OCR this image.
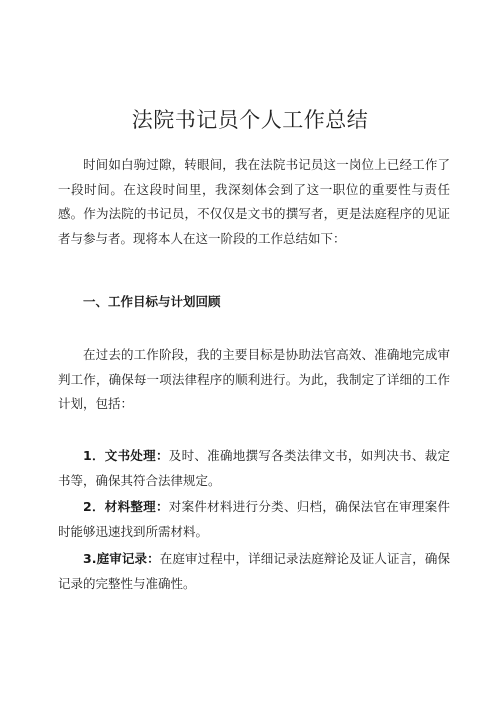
法院书记员个人工作总结
时间如白驹过隙，转眼间，我在法院书记员这一岗位上已经工作了一段时间。在这段时间里，我深刻体会到了这一职位的重要性与责任感。作为法院的书记员，不仅仅是文书的撰写者，更是法庭程序的见证者与参与者。现将本人在这一阶段的工作总结如下：
一、工作目标与计划回顾
在过去的工作阶段，我的主要目标是协助法官高效、准确地完成审判工作，确保每一项法律程序的顺利进行。为此，我制定了详细的工作计划，包括：
1．文书处理：及时、准确地撰写各类法律文书，如判决书、裁定书等，确保其符合法律规定。
2．材料整理：对案件材料进行分类、归档，确保法官在审理案件时能够迅速找到所需材料。
3.庭审记录：在庭审过程中，详细记录法庭辩论及证人证言，确保记录的完整性与准确性。
